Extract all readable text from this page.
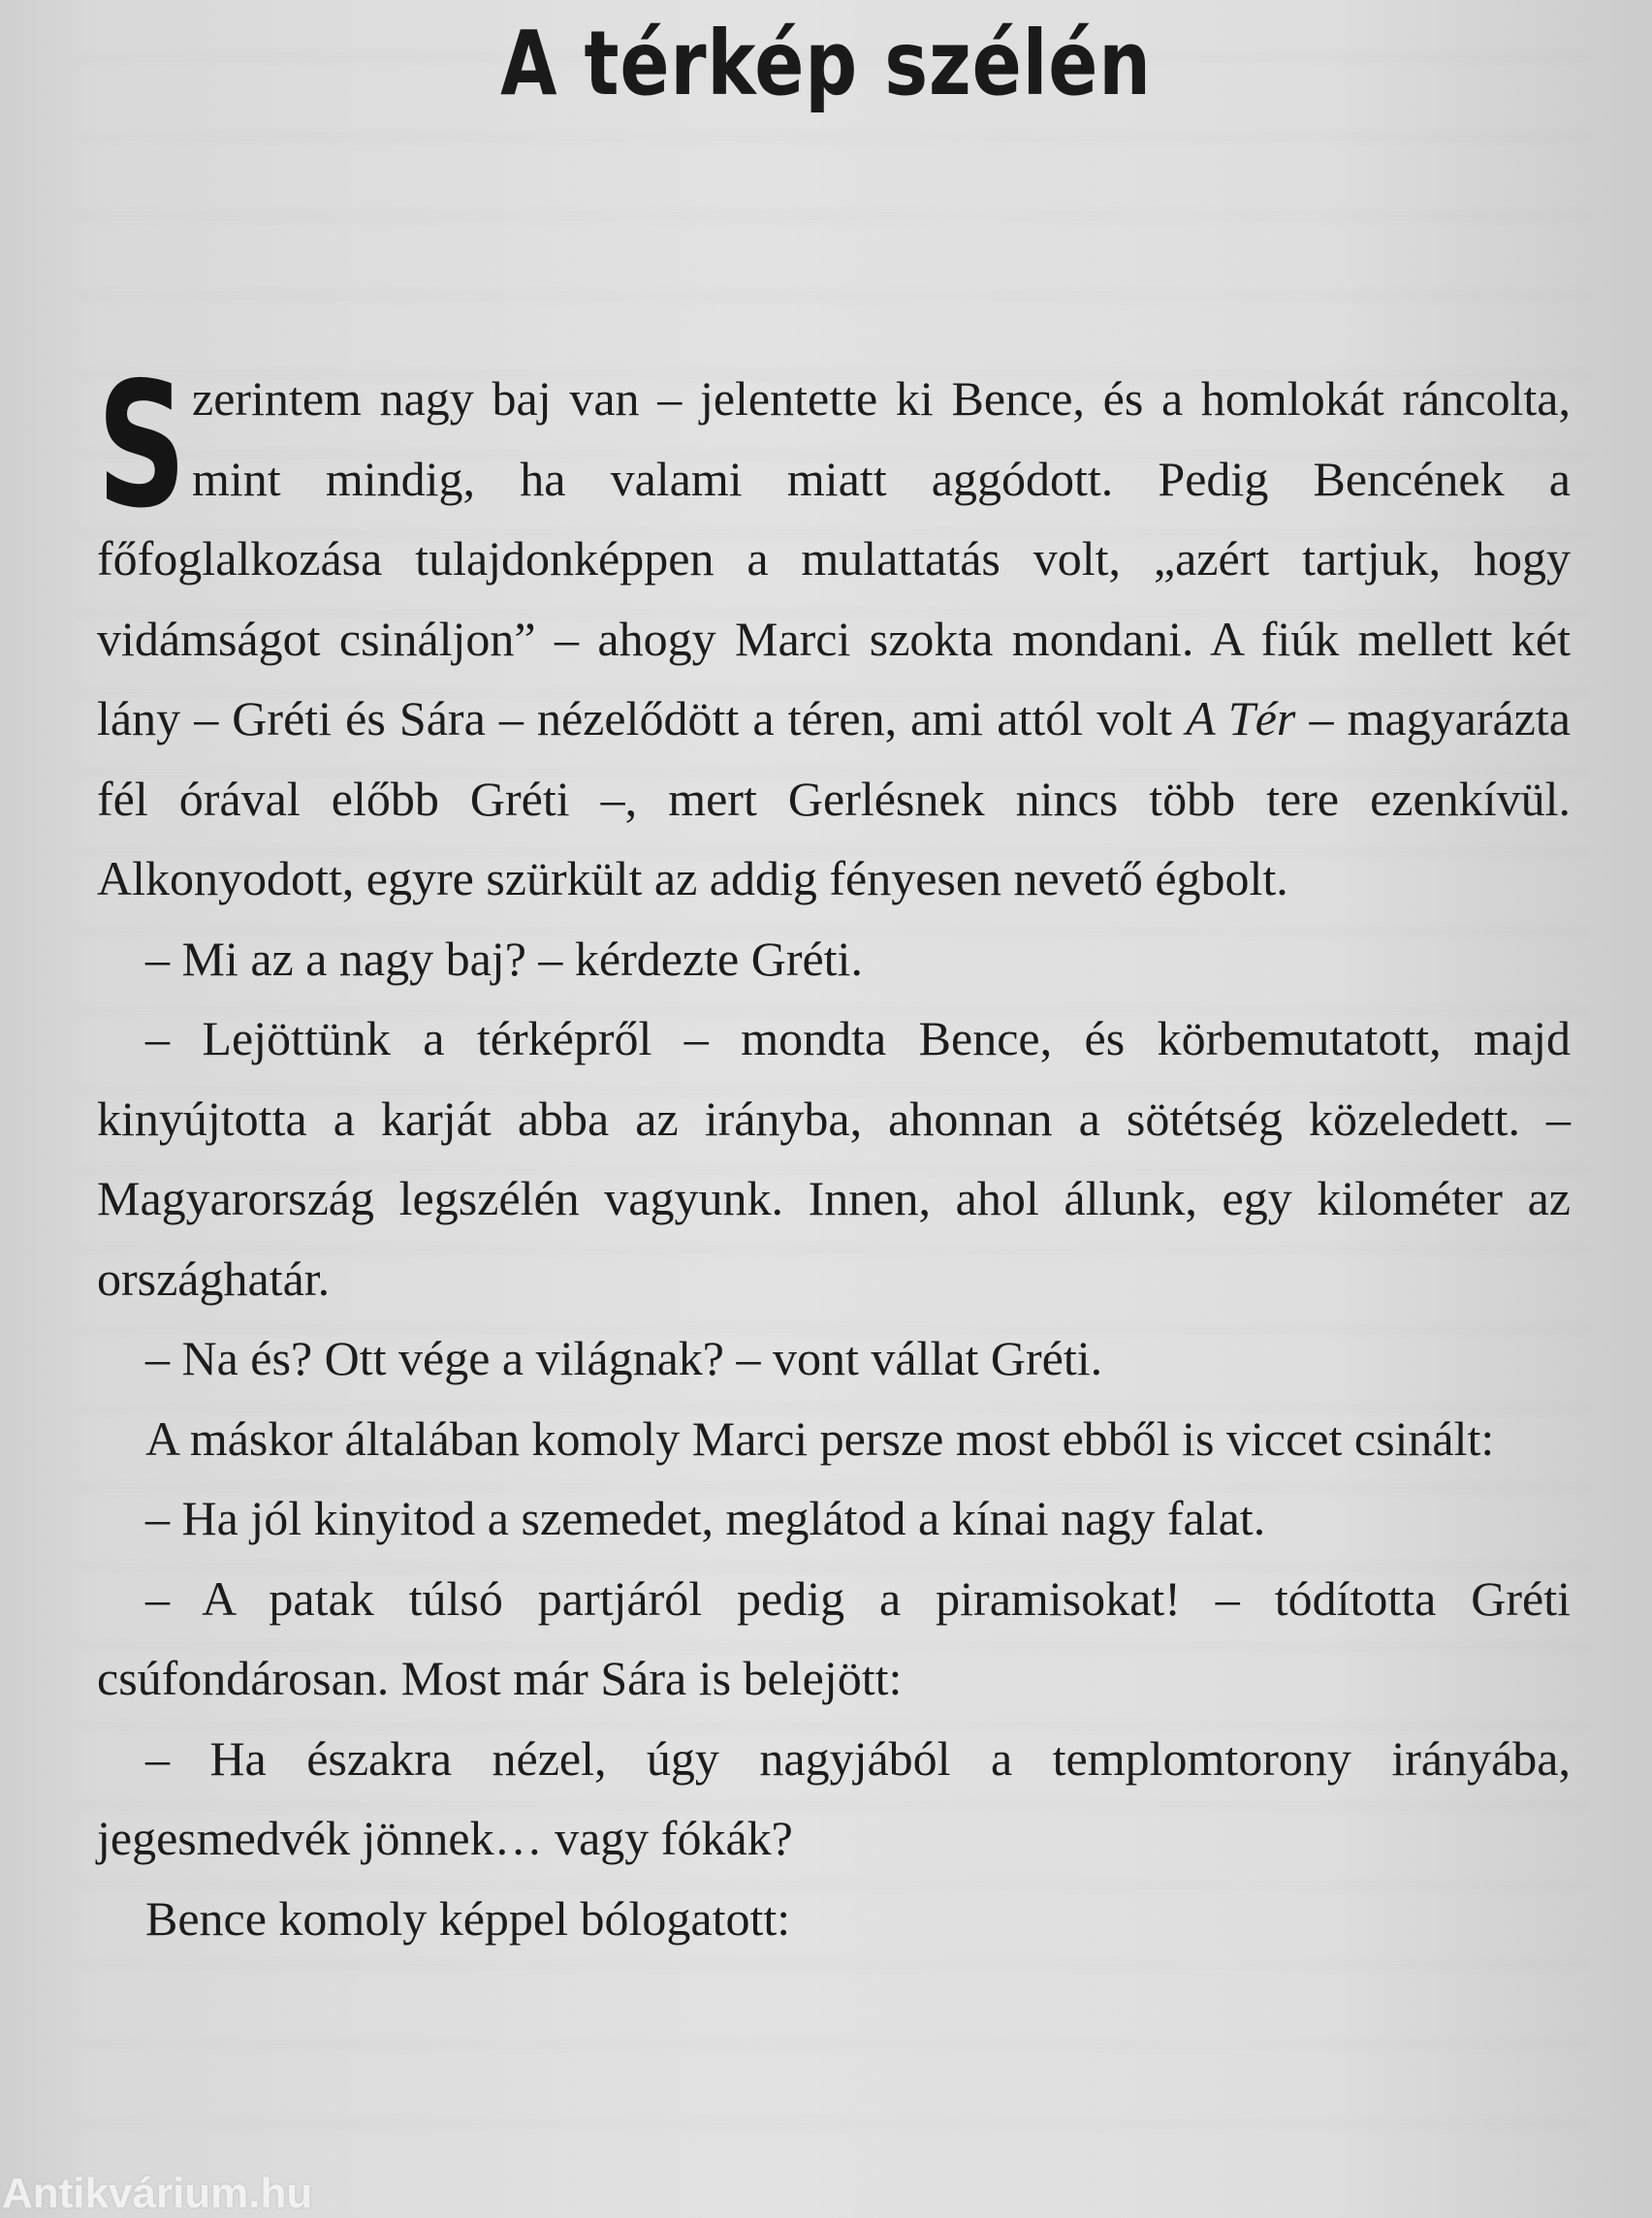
A térkép szélén

Szerintem nagy baj van – jelentette ki Bence, és a homlokát ráncolta, mint mindig, ha valami miatt aggódott. Pedig Bencének a főfoglalkozása tulajdonképpen a mulattatás volt, „azért tartjuk, hogy vidámságot csináljon” – ahogy Marci szokta mondani. A fiúk mellett két lány – Gréti és Sára – nézelődött a téren, ami attól volt A Tér – magyarázta fél órával előbb Gréti –, mert Gerlésnek nincs több tere ezenkívül. Alkonyodott, egyre szürkült az addig fényesen nevető égbolt.

– Mi az a nagy baj? – kérdezte Gréti.

– Lejöttünk a térképről – mondta Bence, és körbemutatott, majd kinyújtotta a karját abba az irányba, ahonnan a sötétség közeledett. – Magyarország legszélén vagyunk. Innen, ahol állunk, egy kilométer az országhatár.

– Na és? Ott vége a világnak? – vont vállat Gréti.

A máskor általában komoly Marci persze most ebből is viccet csinált:

– Ha jól kinyitod a szemedet, meglátod a kínai nagy falat.

– A patak túlsó partjáról pedig a piramisokat! – tódította Gréti csúfondárosan. Most már Sára is belejött:

– Ha északra nézel, úgy nagyjából a templomtorony irányába, jegesmedvék jönnek… vagy fókák?

Bence komoly képpel bólogatott:

Antikvárium.hu
